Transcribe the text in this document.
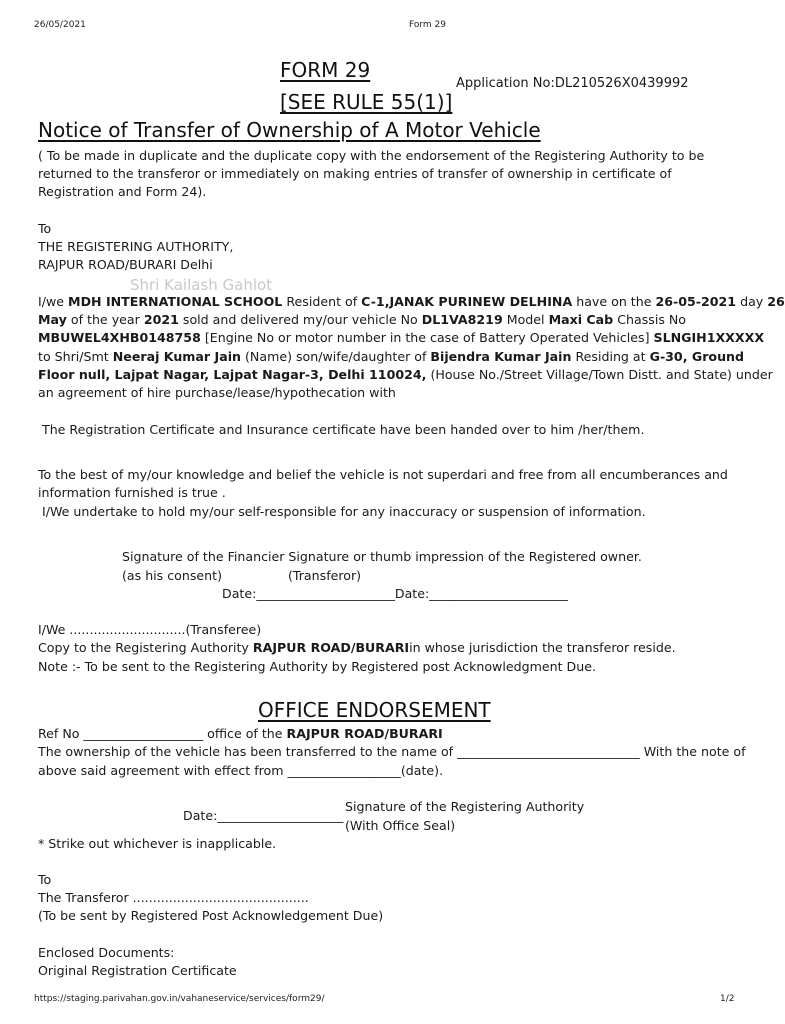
26/05/2021	Form 29
FORM 29
[SEE RULE 55(1)]
Application No:DL210526X0439992
Notice of Transfer of Ownership of A Motor Vehicle
( To be made in duplicate and the duplicate copy with the endorsement of the Registering Authority to be
returned to the transferor or immediately on making entries of transfer of ownership in certificate of
Registration and Form 24).
To
THE REGISTERING AUTHORITY,
RAJPUR ROAD/BURARI Delhi
Shri Kailash Gahlot
I/we MDH INTERNATIONAL SCHOOL Resident of C-1,JANAK PURINEW DELHINA have on the 26-05-2021 day 26
May of the year 2021 sold and delivered my/our vehicle No DL1VA8219 Model Maxi Cab Chassis No
MBUWEL4XHB0148758 [Engine No or motor number in the case of Battery Operated Vehicles] SLNGIH1XXXXX
to Shri/Smt Neeraj Kumar Jain (Name) son/wife/daughter of Bijendra Kumar Jain Residing at G-30, Ground
Floor null, Lajpat Nagar, Lajpat Nagar-3, Delhi 110024, (House No./Street Village/Town Distt. and State) under
an agreement of hire purchase/lease/hypothecation with
The Registration Certificate and Insurance certificate have been handed over to him /her/them.
To the best of my/our knowledge and belief the vehicle is not superdari and free from all encumberances and
information furnished is true .
I/We undertake to hold my/our self-responsible for any inaccuracy or suspension of information.
Signature of the Financier Signature or thumb impression of the Registered owner.
(as his consent)	(Transferor)
Date:______________________Date:______________________
I/We .............................(Transferee)
Copy to the Registering Authority RAJPUR ROAD/BURARIin whose jurisdiction the transferor reside.
Note :- To be sent to the Registering Authority by Registered post Acknowledgment Due.
OFFICE ENDORSEMENT
Ref No ___________________ office of the RAJPUR ROAD/BURARI
The ownership of the vehicle has been transferred to the name of _____________________________ With the note of
above said agreement with effect from __________________(date).
Signature of the Registering Authority
Date:____________________
(With Office Seal)
* Strike out whichever is inapplicable.
To
The Transferor ............................................
(To be sent by Registered Post Acknowledgement Due)
Enclosed Documents:
Original Registration Certificate
https://staging.parivahan.gov.in/vahaneservice/services/form29/	1/2
